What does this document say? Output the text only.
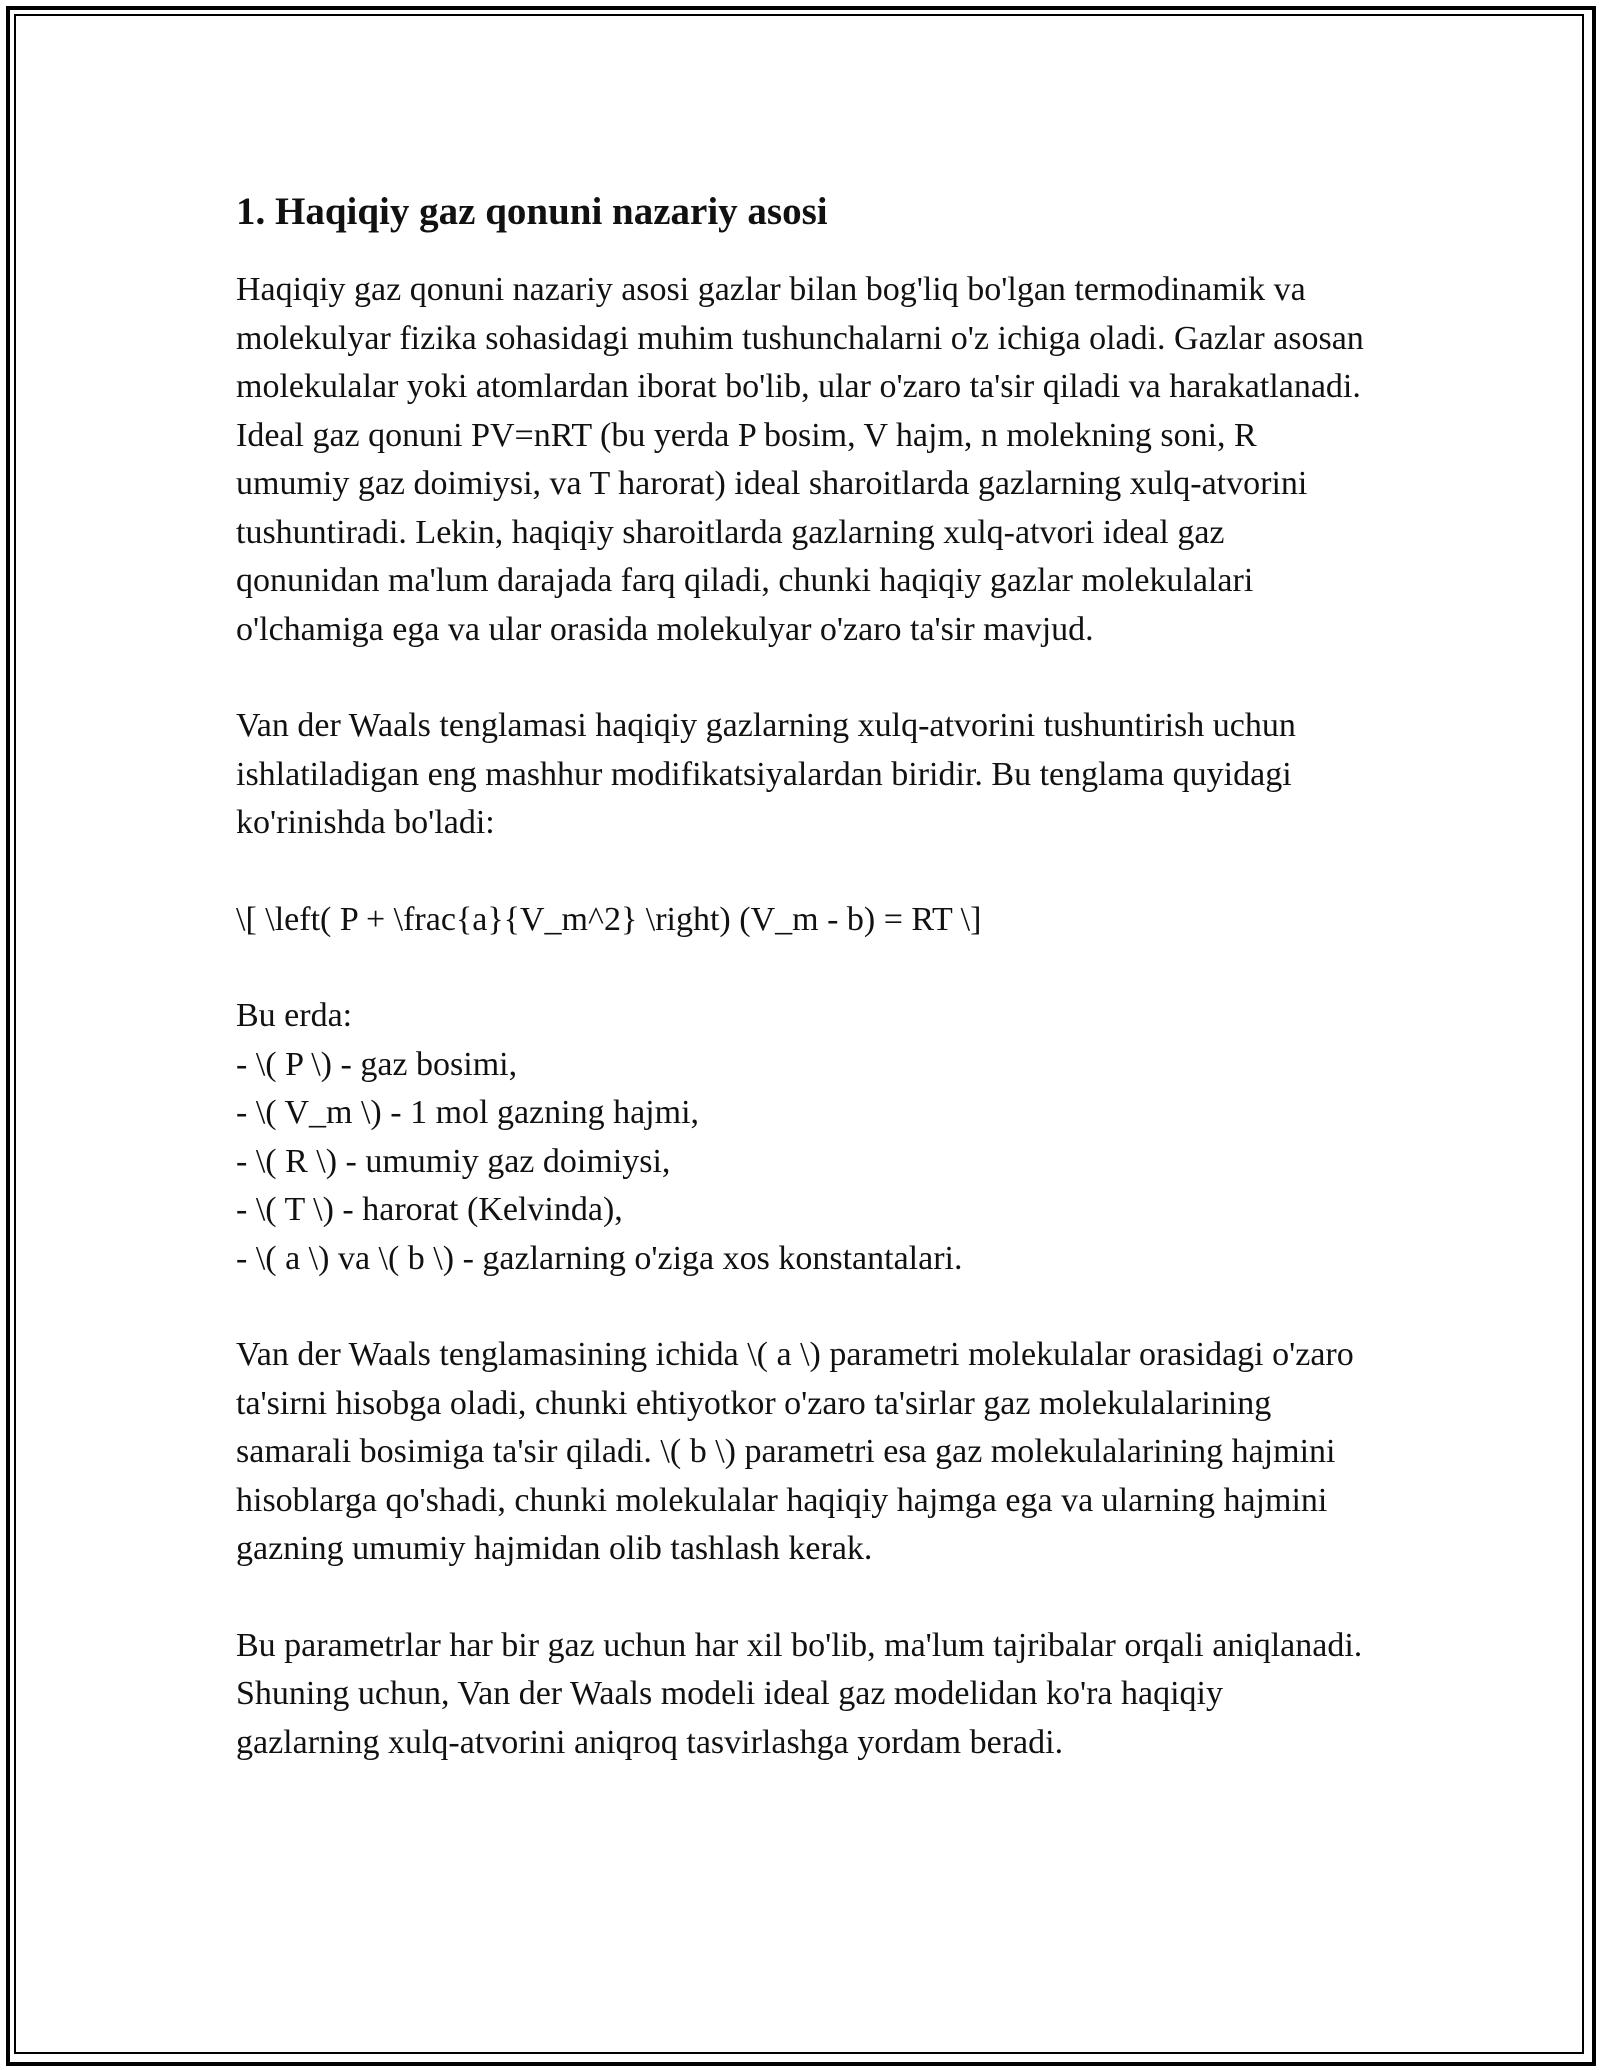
1. Haqiqiy gaz qonuni nazariy asosi

Haqiqiy gaz qonuni nazariy asosi gazlar bilan bog'liq bo'lgan termodinamik va molekulyar fizika sohasidagi muhim tushunchalarni o'z ichiga oladi. Gazlar asosan molekulalar yoki atomlardan iborat bo'lib, ular o'zaro ta'sir qiladi va harakatlanadi. Ideal gaz qonuni PV=nRT (bu yerda P bosim, V hajm, n molekning soni, R umumiy gaz doimiysi, va T harorat) ideal sharoitlarda gazlarning xulq-atvorini tushuntiradi. Lekin, haqiqiy sharoitlarda gazlarning xulq-atvori ideal gaz qonunidan ma'lum darajada farq qiladi, chunki haqiqiy gazlar molekulalari o'lchamiga ega va ular orasida molekulyar o'zaro ta'sir mavjud.

Van der Waals tenglamasi haqiqiy gazlarning xulq-atvorini tushuntirish uchun ishlatiladigan eng mashhur modifikatsiyalardan biridir. Bu tenglama quyidagi ko'rinishda bo'ladi:

\[ \left( P + \frac{a}{V_m^2} \right) (V_m - b) = RT \]

Bu erda:
- \( P \) - gaz bosimi,
- \( V_m \) - 1 mol gazning hajmi,
- \( R \) - umumiy gaz doimiysi,
- \( T \) - harorat (Kelvinda),
- \( a \) va \( b \) - gazlarning o'ziga xos konstantalari.

Van der Waals tenglamasining ichida \( a \) parametri molekulalar orasidagi o'zaro ta'sirni hisobga oladi, chunki ehtiyotkor o'zaro ta'sirlar gaz molekulalarining samarali bosimiga ta'sir qiladi. \( b \) parametri esa gaz molekulalarining hajmini hisoblarga qo'shadi, chunki molekulalar haqiqiy hajmga ega va ularning hajmini gazning umumiy hajmidan olib tashlash kerak.

Bu parametrlar har bir gaz uchun har xil bo'lib, ma'lum tajribalar orqali aniqlanadi. Shuning uchun, Van der Waals modeli ideal gaz modelidan ko'ra haqiqiy gazlarning xulq-atvorini aniqroq tasvirlashga yordam beradi.
